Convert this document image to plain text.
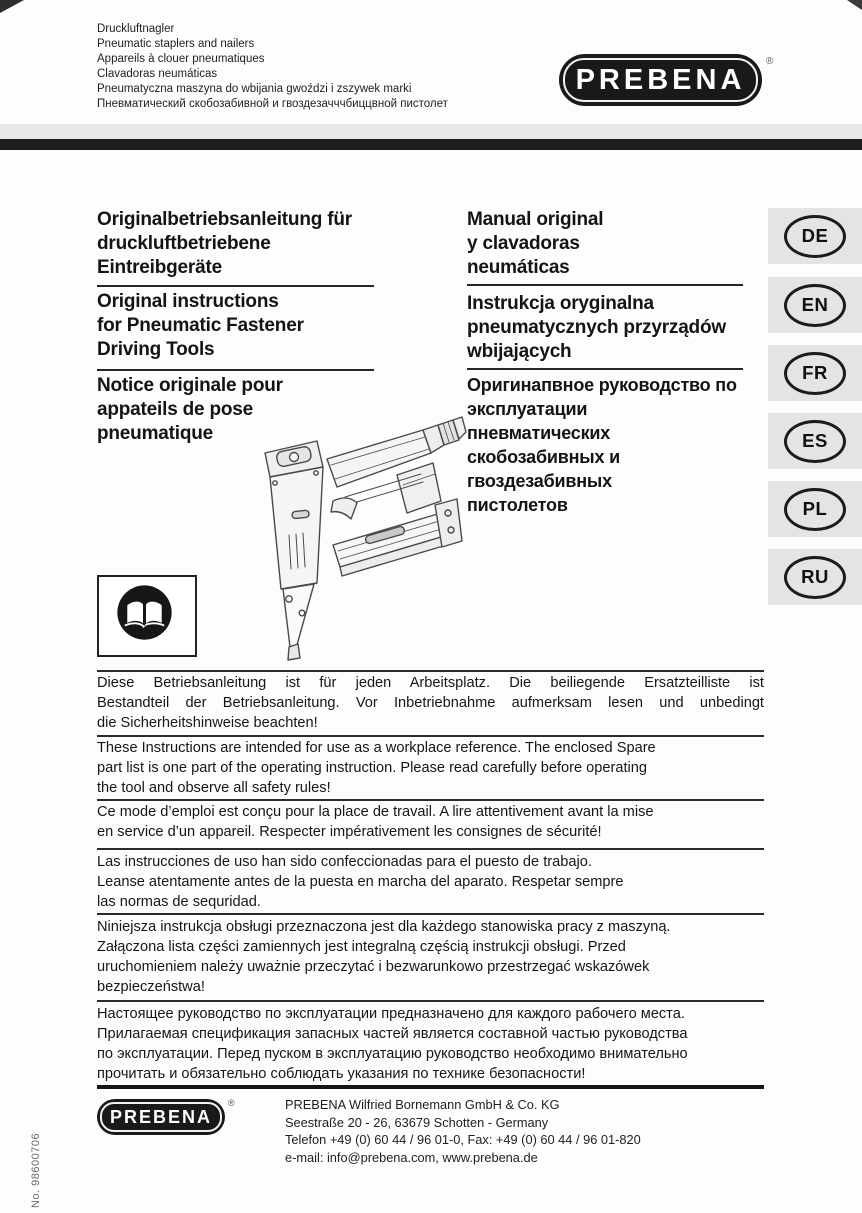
Druckluftnagler
Pneumatic staplers and nailers
Appareils à clouer pneumatiques
Clavadoras neumáticas
Pneumatyczna maszyna do wbijania gwoździ i zszywek marki
Пневматический скобозабивной и гвоздезачччбиццвной пистолет
PREBENA
®
Originalbetriebsanleitung für
druckluftbetriebene
Eintreibgeräte
Original instructions
for Pneumatic Fastener
Driving Tools
Notice originale pour
appateils de pose
pneumatique
Manual original
y clavadoras
neumáticas
Instrukcja oryginalna
pneumatycznych przyrządów
wbijających
Оригинапвное руководство по
эксплуатации
пневматических
скобозабивных и
гвоздезабивных
пистолетов
DE
EN
FR
ES
PL
RU
Diese Betriebsanleitung ist für jeden Arbeitsplatz. Die beiliegende Ersatzteilliste ist
Bestandteil der Betriebsanleitung. Vor Inbetriebnahme aufmerksam lesen und unbedingt
die Sicherheitshinweise beachten!
These Instructions are intended for use as a workplace reference. The enclosed Spare
part list is one part of the operating instruction. Please read carefully before operating
the tool and observe all safety rules!
Ce mode d’emploi est conçu pour la place de travail. A lire attentivement avant la mise
en service d’un appareil. Respecter impérativement les consignes de sécurité!
Las instrucciones de uso han sido confeccionadas para el puesto de trabajo.
Leanse atentamente antes de la puesta en marcha del aparato. Respetar sempre
las normas de sequridad.
Niniejsza instrukcja obsługi przeznaczona jest dla każdego stanowiska pracy z maszyną.
Załączona lista części zamiennych jest integralną częścią instrukcji obsługi. Przed
uruchomieniem należy uważnie przeczytać i bezwarunkowo przestrzegać wskazówek
bezpieczeństwa!
Настоящее руководство по эксплуатации предназначено для каждого рабочего места.
Прилагаемая спецификация запасных частей является составной частью руководства
по эксплуатации. Перед пуском в эксплуатацию руководство необходимо внимательно
прочитать и обязательно соблюдать указания по технике безопасности!
PREBENA
®	PREBENA Wilfried Bornemann GmbH & Co. KG
Seestraße 20 - 26, 63679 Schotten - Germany
Telefon +49 (0) 60 44 / 96 01-0, Fax: +49 (0) 60 44 / 96 01-820
e-mail: info@prebena.com, www.prebena.de
No. 98600706
